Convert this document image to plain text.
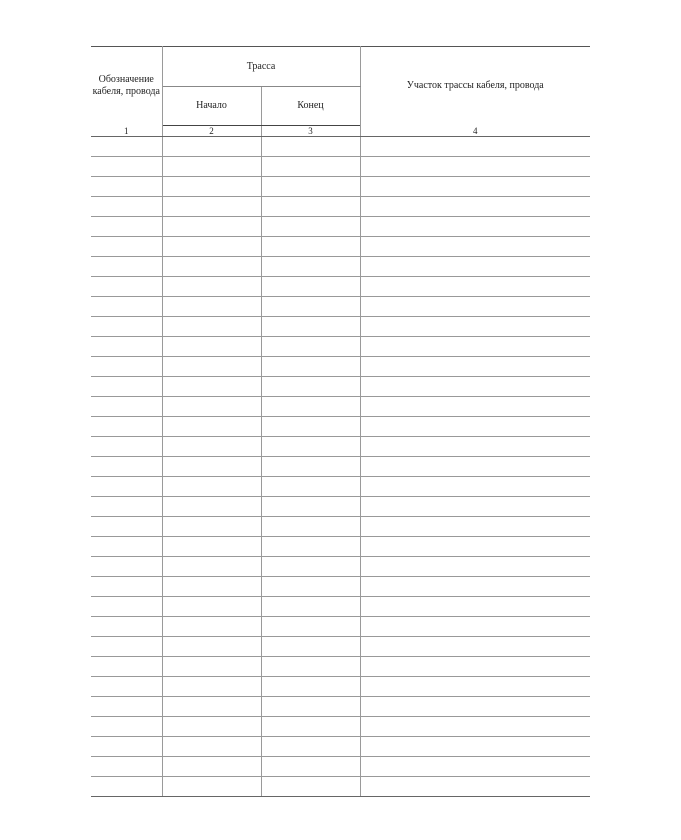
Обозначение кабеля, провода	Трасса		Участок трассы кабеля, провода
	Начало	Конец	
1	2	3	4
